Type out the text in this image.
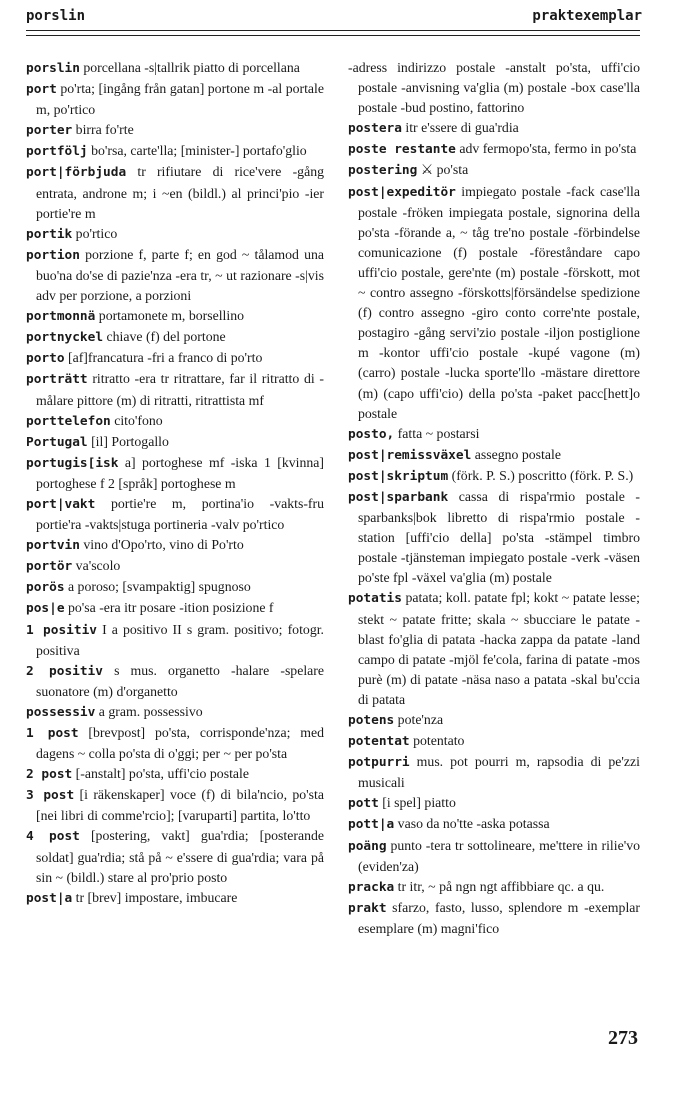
porslin	praktexemplar

porslin porcellana -s|tallrik piatto di porcellana

port po'rta; [ingång från gatan] portone m -al portale m, po'rtico

porter birra fo'rte

portfölj bo'rsa, carte'lla; [minister-] portafo'glio

port|förbjuda tr rifiutare di rice'vere -gång entrata, androne m; i ~en (bildl.) al princi'pio -ier portie're m

portik po'rtico

portion porzione f, parte f; en god ~ tålamod una buo'na do'se di pazie'nza -era tr, ~ ut razionare -s|vis adv per porzione, a porzioni

portmonnä portamonete m, borsellino

portnyckel chiave (f) del portone

porto [af]francatura -fri a franco di po'rto

porträtt ritratto -era tr ritrattare, far il ritratto di -målare pittore (m) di ritratti, ritrattista mf

porttelefon cito'fono

Portugal [il] Portogallo

portugis[isk a] portoghese mf -iska 1 [kvinna] portoghese f 2 [språk] portoghese m

port|vakt portie're m, portina'io -vakts-fru portie'ra -vakts|stuga portineria -valv po'rtico

portvin vino d'Opo'rto, vino di Po'rto

portör va'scolo

porös a poroso; [svampaktig] spugnoso

pos|e po'sa -era itr posare -ition posizione f

1 positiv I a positivo II s gram. positivo; fotogr. positiva

2 positiv s mus. organetto -halare -spelare suonatore (m) d'organetto

possessiv a gram. possessivo

1 post [brevpost] po'sta, corrisponde'nza; med dagens ~ colla po'sta di o'ggi; per ~ per po'sta

2 post [-anstalt] po'sta, uffi'cio postale

3 post [i räkenskaper] voce (f) di bila'ncio, po'sta [nei libri di comme'rcio]; [varuparti] partita, lo'tto

4 post [postering, vakt] gua'rdia; [posterande soldat] gua'rdia; stå på ~ e'ssere di gua'rdia; vara på sin ~ (bildl.) stare al pro'prio posto

post|a tr [brev] impostare, imbucare

-adress indirizzo postale -anstalt po'sta, uffi'cio postale -anvisning va'glia (m) postale -box case'lla postale -bud postino, fattorino

postera itr e'ssere di gua'rdia

poste restante adv fermopo'sta, fermo in po'sta

postering ⚔ po'sta

post|expeditör impiegato postale -fack case'lla postale -fröken impiegata postale, signorina della po'sta -förande a, ~ tåg tre'no postale -förbindelse comunicazione (f) postale -föreståndare capo uffi'cio postale, gere'nte (m) postale -förskott, mot ~ contro assegno -förskotts|försändelse spedizione (f) contro assegno -giro conto corre'nte postale, postagiro -gång servi'zio postale -iljon postiglione m -kontor uffi'cio postale -kupé vagone (m) (carro) postale -lucka sporte'llo -mästare direttore (m) (capo uffi'cio) della po'sta -paket pacc[hett]o postale

posto, fatta ~ postarsi

post|remissväxel assegno postale

post|skriptum (förk. P. S.) poscritto (förk. P. S.)

post|sparbank cassa di rispa'rmio postale -sparbanks|bok libretto di rispa'rmio postale -station [uffi'cio della] po'sta -stämpel timbro postale -tjänsteman impiegato postale -verk -väsen po'ste fpl -växel va'glia (m) postale

potatis patata; koll. patate fpl; kokt ~ patate lesse; stekt ~ patate fritte; skala ~ sbucciare le patate -blast fo'glia di patata -hacka zappa da patate -land campo di patate -mjöl fe'cola, farina di patate -mos purè (m) di patate -näsa naso a patata -skal bu'ccia di patata

potens pote'nza

potentat potentato

potpurri mus. pot pourri m, rapsodia di pe'zzi musicali

pott [i spel] piatto

pott|a vaso da no'tte -aska potassa

poäng punto -tera tr sottolineare, me'ttere in rilie'vo (eviden'za)

pracka tr itr, ~ på ngn ngt affibbiare qc. a qu.

prakt sfarzo, fasto, lusso, splendore m -exemplar esemplare (m) magni'fico

273
